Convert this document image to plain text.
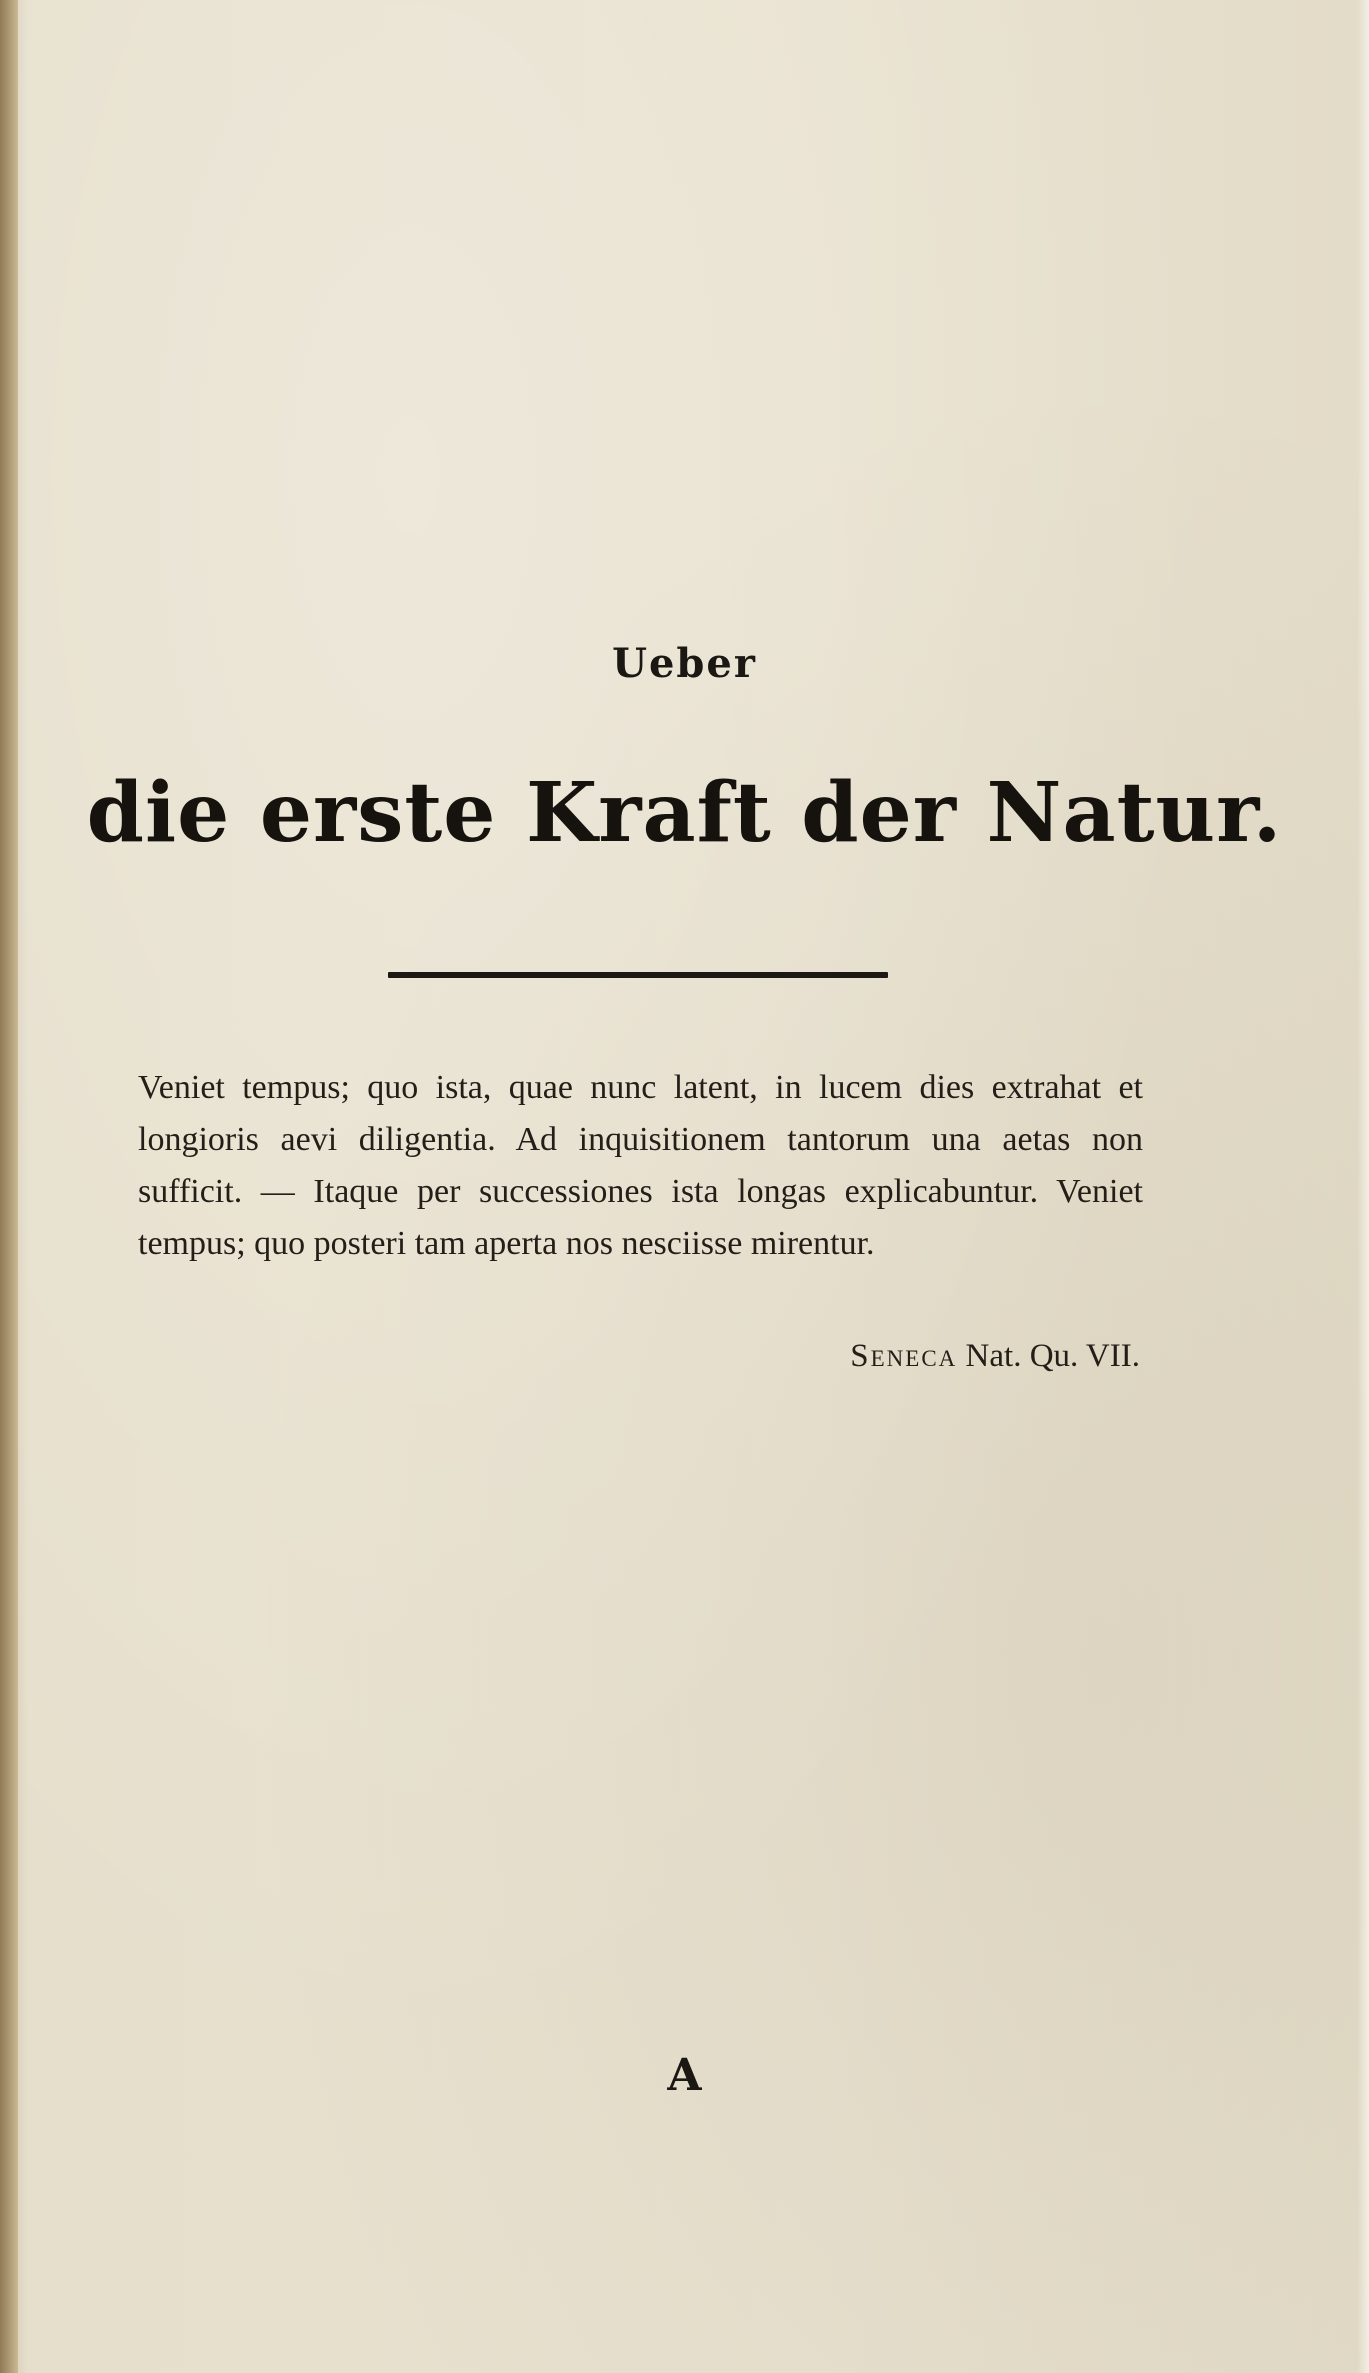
Ueber
die erste Kraft der Natur.
Veniet tempus; quo ista, quae nunc latent, in lucem dies extrahat et longioris aevi diligentia. Ad inquisitionem tantorum una aetas non sufficit. — Itaque per successiones ista longas explicabuntur. Veniet tempus; quo posteri tam aperta nos nesciisse mirentur.
Seneca Nat. Qu. VII.
A
